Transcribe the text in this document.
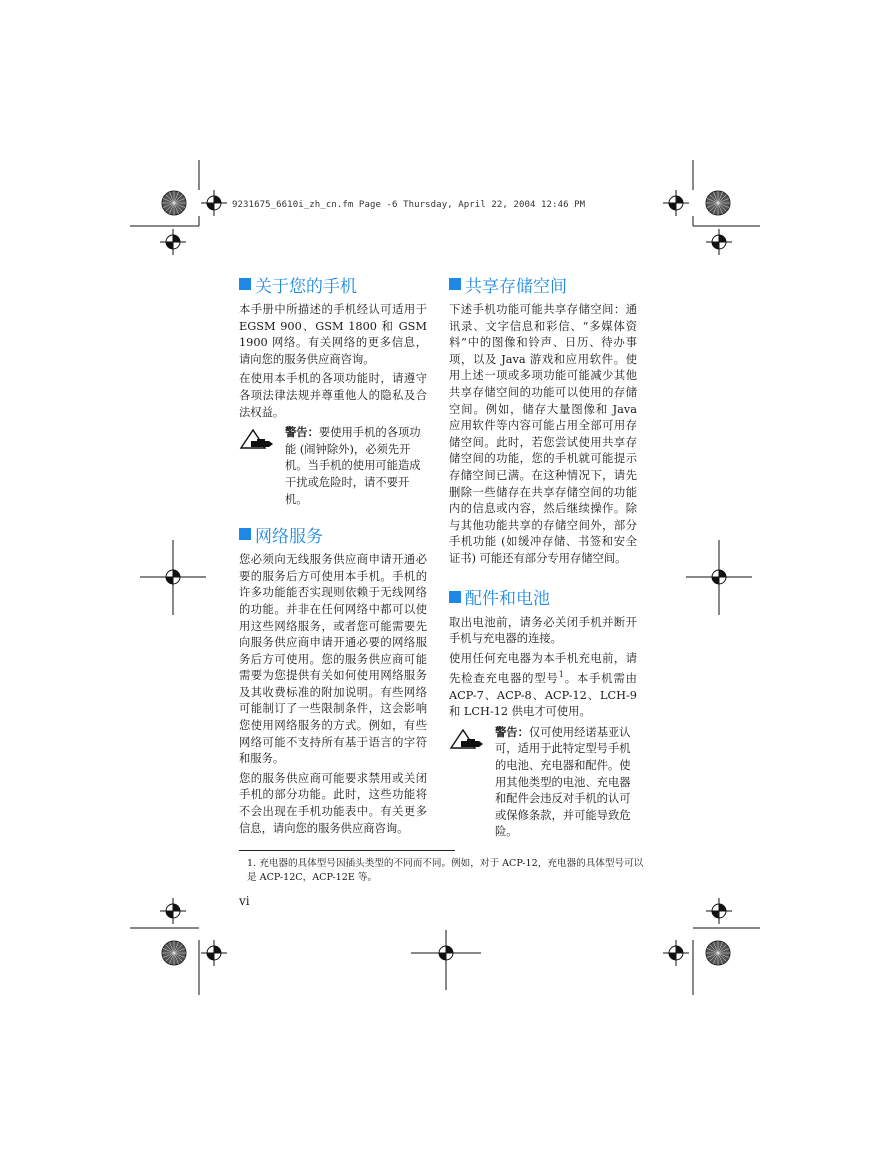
9231675_6610i_zh_cn.fm Page -6 Thursday, April 22, 2004 12:46 PM
关于您的手机

本手册中所描述的手机经认可适用于 EGSM 900、GSM 1800 和 GSM 1900 网络。有关网络的更多信息，请向您的服务供应商咨询。

在使用本手机的各项功能时，请遵守各项法律法规并尊重他人的隐私及合法权益。

警告：要使用手机的各项功能 (闹钟除外)，必须先开机。当手机的使用可能造成干扰或危险时，请不要开机。
网络服务

您必须向无线服务供应商申请开通必要的服务后方可使用本手机。手机的许多功能能否实现则依赖于无线网络的功能。并非在任何网络中都可以使用这些网络服务，或者您可能需要先向服务供应商申请开通必要的网络服务后方可使用。您的服务供应商可能需要为您提供有关如何使用网络服务及其收费标准的附加说明。有些网络可能制订了一些限制条件，这会影响您使用网络服务的方式。例如，有些网络可能不支持所有基于语言的字符和服务。

您的服务供应商可能要求禁用或关闭手机的部分功能。此时，这些功能将不会出现在手机功能表中。有关更多信息，请向您的服务供应商咨询。

共享存储空间

下述手机功能可能共享存储空间：通讯录、文字信息和彩信、“多媒体资料”中的图像和铃声、日历、待办事项，以及 Java 游戏和应用软件。使用上述一项或多项功能可能减少其他共享存储空间的功能可以使用的存储空间。例如，储存大量图像和 Java 应用软件等内容可能占用全部可用存储空间。此时，若您尝试使用共享存储空间的功能，您的手机就可能提示存储空间已满。在这种情况下，请先删除一些储存在共享存储空间的功能内的信息或内容，然后继续操作。除与其他功能共享的存储空间外，部分手机功能 (如缓冲存储、书签和安全证书) 可能还有部分专用存储空间。

配件和电池

取出电池前，请务必关闭手机并断开手机与充电器的连接。

使用任何充电器为本手机充电前，请先检查充电器的型号$^1$。本手机需由 ACP-7、ACP-8、ACP-12、LCH-9 和 LCH-12 供电才可使用。

警告：仅可使用经诺基亚认可，适用于此特定型号手机的电池、充电器和配件。使用其他类型的电池、充电器和配件会违反对手机的认可或保修条款，并可能导致危险。
1. 充电器的具体型号因插头类型的不同而不同。例如，对于 ACP-12，充电器的具体型号可以是 ACP-12C，ACP-12E 等。
vi
